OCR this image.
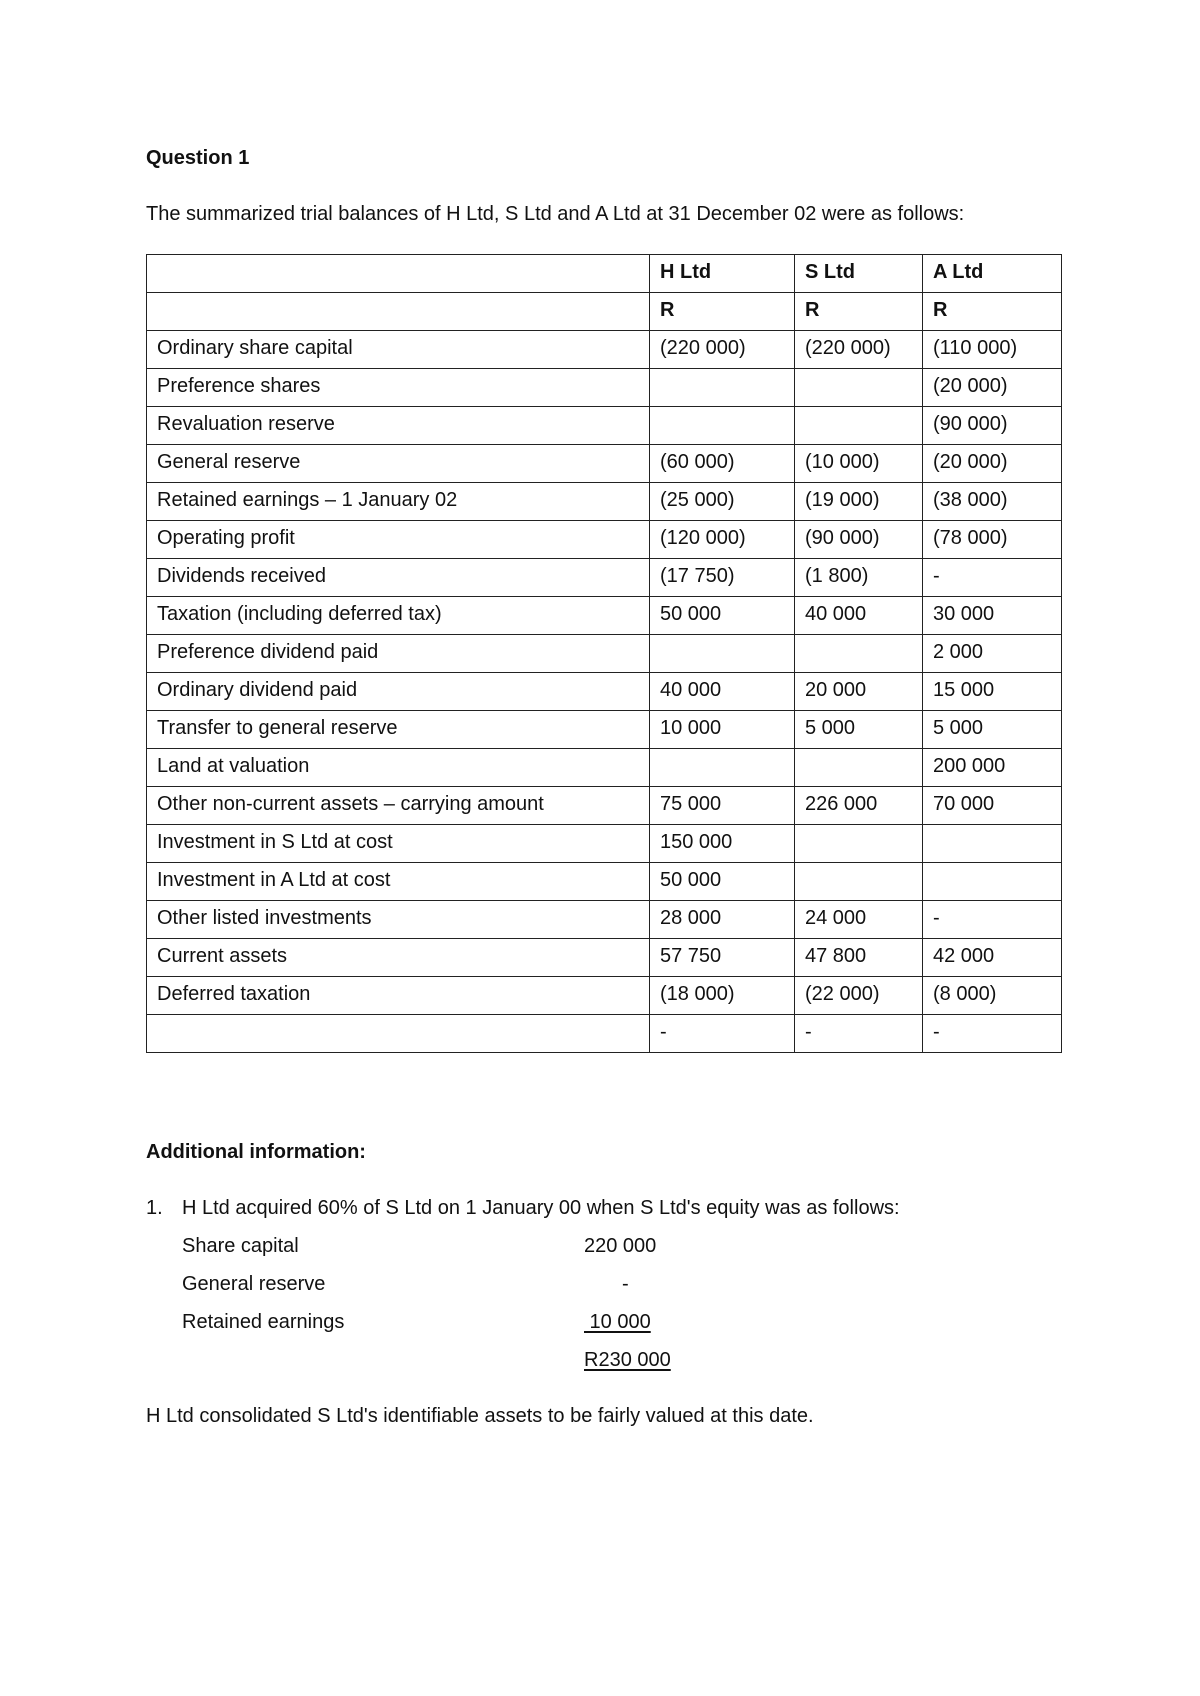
Question 1
The summarized trial balances of H Ltd, S Ltd and A Ltd at 31 December 02 were as follows:
	H Ltd	S Ltd	A Ltd
	R	R	R
Ordinary share capital	(220 000)	(220 000)	(110 000)
Preference shares			(20 000)
Revaluation reserve			(90 000)
General reserve	(60 000)	(10 000)	(20 000)
Retained earnings – 1 January 02	(25 000)	(19 000)	(38 000)
Operating profit	(120 000)	(90 000)	(78 000)
Dividends received	(17 750)	(1 800)	-
Taxation (including deferred tax)	50 000	40 000	30 000
Preference dividend paid			2 000
Ordinary dividend paid	40 000	20 000	15 000
Transfer to general reserve	10 000	5 000	5 000
Land at valuation			200 000
Other non-current assets – carrying amount	75 000	226 000	70 000
Investment in S Ltd at cost	150 000		
Investment in A Ltd at cost	50 000		
Other listed investments	28 000	24 000	-
Current assets	57 750	47 800	42 000
Deferred taxation	(18 000)	(22 000)	(8 000)
	-	-	-
Additional information:
1. H Ltd acquired 60% of S Ltd on 1 January 00 when S Ltd's equity was as follows:
Share capital	220 000
General reserve	-
Retained earnings	10 000
R230 000
H Ltd consolidated S Ltd's identifiable assets to be fairly valued at this date.
